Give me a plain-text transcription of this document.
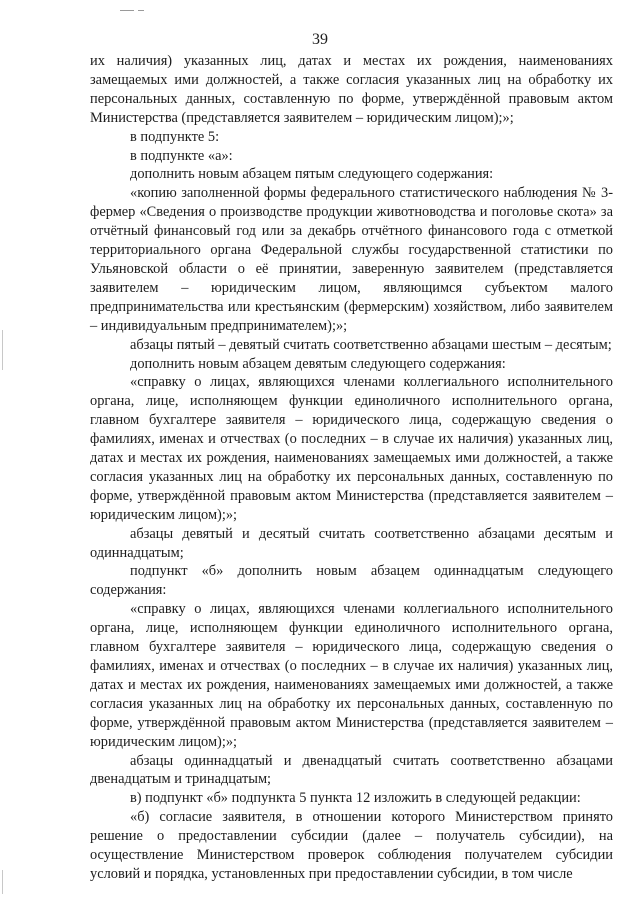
39

их наличия) указанных лиц, датах и местах их рождения, наименованиях замещаемых ими должностей, а также согласия указанных лиц на обработку их персональных данных, составленную по форме, утверждённой правовым актом Министерства (представляется заявителем – юридическим лицом);»;

в подпункте 5:

в подпункте «а»:

дополнить новым абзацем пятым следующего содержания:

«копию заполненной формы федерального статистического наблюдения № 3-фермер «Сведения о производстве продукции животноводства и поголовье скота» за отчётный финансовый год или за декабрь отчётного финансового года с отметкой территориального органа Федеральной службы государственной статистики по Ульяновской области о её принятии, заверенную заявителем (представляется заявителем – юридическим лицом, являющимся субъектом малого предпринимательства или крестьянским (фермерским) хозяйством, либо заявителем – индивидуальным предпринимателем);»;

абзацы пятый – девятый считать соответственно абзацами шестым – десятым;

дополнить новым абзацем девятым следующего содержания:

«справку о лицах, являющихся членами коллегиального исполнительного органа, лице, исполняющем функции единоличного исполнительного органа, главном бухгалтере заявителя – юридического лица, содержащую сведения о фамилиях, именах и отчествах (о последних – в случае их наличия) указанных лиц, датах и местах их рождения, наименованиях замещаемых ими должностей, а также согласия указанных лиц на обработку их персональных данных, составленную по форме, утверждённой правовым актом Министерства (представляется заявителем – юридическим лицом);»;

абзацы девятый и десятый считать соответственно абзацами десятым и одиннадцатым;

подпункт «б» дополнить новым абзацем одиннадцатым следующего содержания:

«справку о лицах, являющихся членами коллегиального исполнительного органа, лице, исполняющем функции единоличного исполнительного органа, главном бухгалтере заявителя – юридического лица, содержащую сведения о фамилиях, именах и отчествах (о последних – в случае их наличия) указанных лиц, датах и местах их рождения, наименованиях замещаемых ими должностей, а также согласия указанных лиц на обработку их персональных данных, составленную по форме, утверждённой правовым актом Министерства (представляется заявителем – юридическим лицом);»;

абзацы одиннадцатый и двенадцатый считать соответственно абзацами двенадцатым и тринадцатым;

в) подпункт «б» подпункта 5 пункта 12 изложить в следующей редакции:

«б) согласие заявителя, в отношении которого Министерством принято решение о предоставлении субсидии (далее – получатель субсидии), на осуществление Министерством проверок соблюдения получателем субсидии условий и порядка, установленных при предоставлении субсидии, в том числе
